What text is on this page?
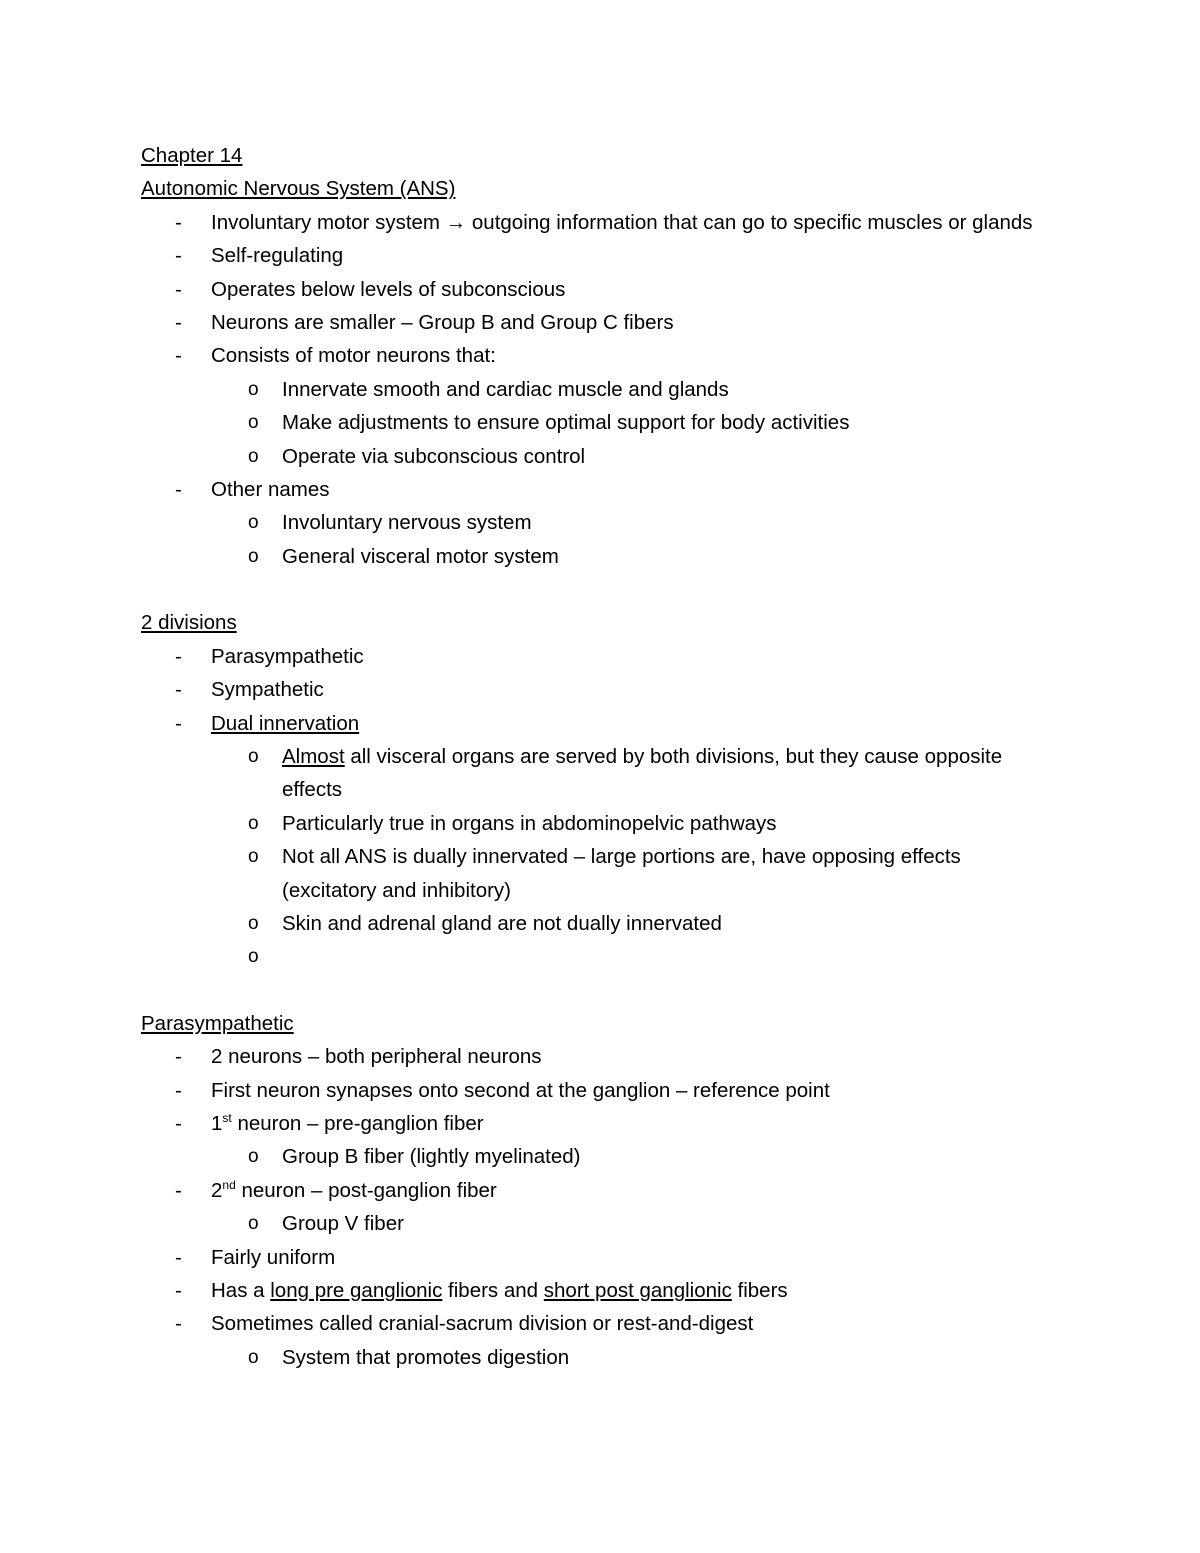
Chapter 14
Autonomic Nervous System (ANS)
- Involuntary motor system → outgoing information that can go to specific muscles or glands
- Self-regulating
- Operates below levels of subconscious
- Neurons are smaller – Group B and Group C fibers
- Consists of motor neurons that:
o Innervate smooth and cardiac muscle and glands
o Make adjustments to ensure optimal support for body activities
o Operate via subconscious control
- Other names
o Involuntary nervous system
o General visceral motor system
2 divisions
- Parasympathetic
- Sympathetic
- Dual innervation
o Almost all visceral organs are served by both divisions, but they cause opposite effects
o Particularly true in organs in abdominopelvic pathways
o Not all ANS is dually innervated – large portions are, have opposing effects (excitatory and inhibitory)
o Skin and adrenal gland are not dually innervated
o

Parasympathetic
- 2 neurons – both peripheral neurons
- First neuron synapses onto second at the ganglion – reference point
- 1st neuron – pre-ganglion fiber
o Group B fiber (lightly myelinated)
- 2nd neuron – post-ganglion fiber
o Group V fiber
- Fairly uniform
- Has a long pre ganglionic fibers and short post ganglionic fibers
- Sometimes called cranial-sacrum division or rest-and-digest
o System that promotes digestion
